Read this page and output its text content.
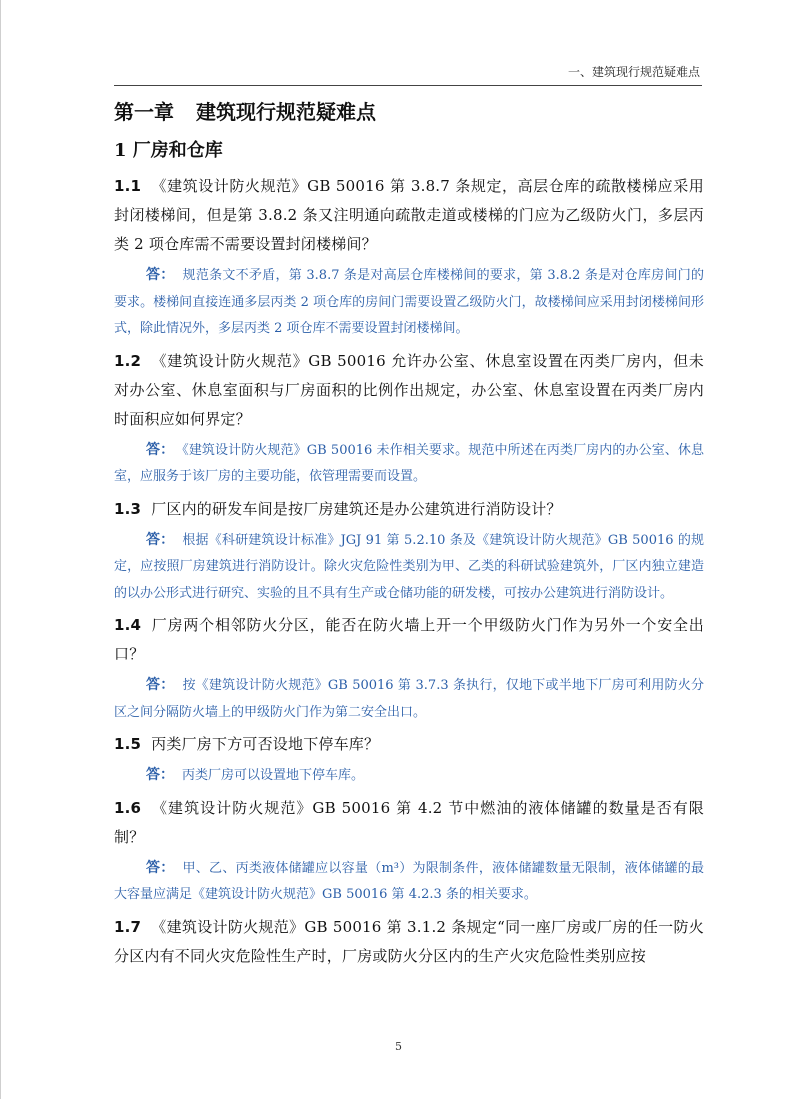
一、建筑现行规范疑难点
第一章 建筑现行规范疑难点
1 厂房和仓库

1.1 《建筑设计防火规范》GB 50016 第 3.8.7 条规定，高层仓库的疏散楼梯应采用封闭楼梯间，但是第 3.8.2 条又注明通向疏散走道或楼梯的门应为乙级防火门，多层丙类 2 项仓库需不需要设置封闭楼梯间？

答： 规范条文不矛盾，第 3.8.7 条是对高层仓库楼梯间的要求，第 3.8.2 条是对仓库房间门的要求。楼梯间直接连通多层丙类 2 项仓库的房间门需要设置乙级防火门，故楼梯间应采用封闭楼梯间形式，除此情况外，多层丙类 2 项仓库不需要设置封闭楼梯间。

1.2 《建筑设计防火规范》GB 50016 允许办公室、休息室设置在丙类厂房内，但未对办公室、休息室面积与厂房面积的比例作出规定，办公室、休息室设置在丙类厂房内时面积应如何界定？

答： 《建筑设计防火规范》GB 50016 未作相关要求。规范中所述在丙类厂房内的办公室、休息室，应服务于该厂房的主要功能，依管理需要而设置。

1.3 厂区内的研发车间是按厂房建筑还是办公建筑进行消防设计？

答： 根据《科研建筑设计标准》JGJ 91 第 5.2.10 条及《建筑设计防火规范》GB 50016 的规定，应按照厂房建筑进行消防设计。除火灾危险性类别为甲、乙类的科研试验建筑外，厂区内独立建造的以办公形式进行研究、实验的且不具有生产或仓储功能的研发楼，可按办公建筑进行消防设计。

1.4 厂房两个相邻防火分区，能否在防火墙上开一个甲级防火门作为另外一个安全出口？

答： 按《建筑设计防火规范》GB 50016 第 3.7.3 条执行，仅地下或半地下厂房可利用防火分区之间分隔防火墙上的甲级防火门作为第二安全出口。

1.5 丙类厂房下方可否设地下停车库？

答： 丙类厂房可以设置地下停车库。

1.6 《建筑设计防火规范》GB 50016 第 4.2 节中燃油的液体储罐的数量是否有限制？

答： 甲、乙、丙类液体储罐应以容量（m³）为限制条件，液体储罐数量无限制，液体储罐的最大容量应满足《建筑设计防火规范》GB 50016 第 4.2.3 条的相关要求。

1.7 《建筑设计防火规范》GB 50016 第 3.1.2 条规定“同一座厂房或厂房的任一防火分区内有不同火灾危险性生产时，厂房或防火分区内的生产火灾危险性类别应按

5
